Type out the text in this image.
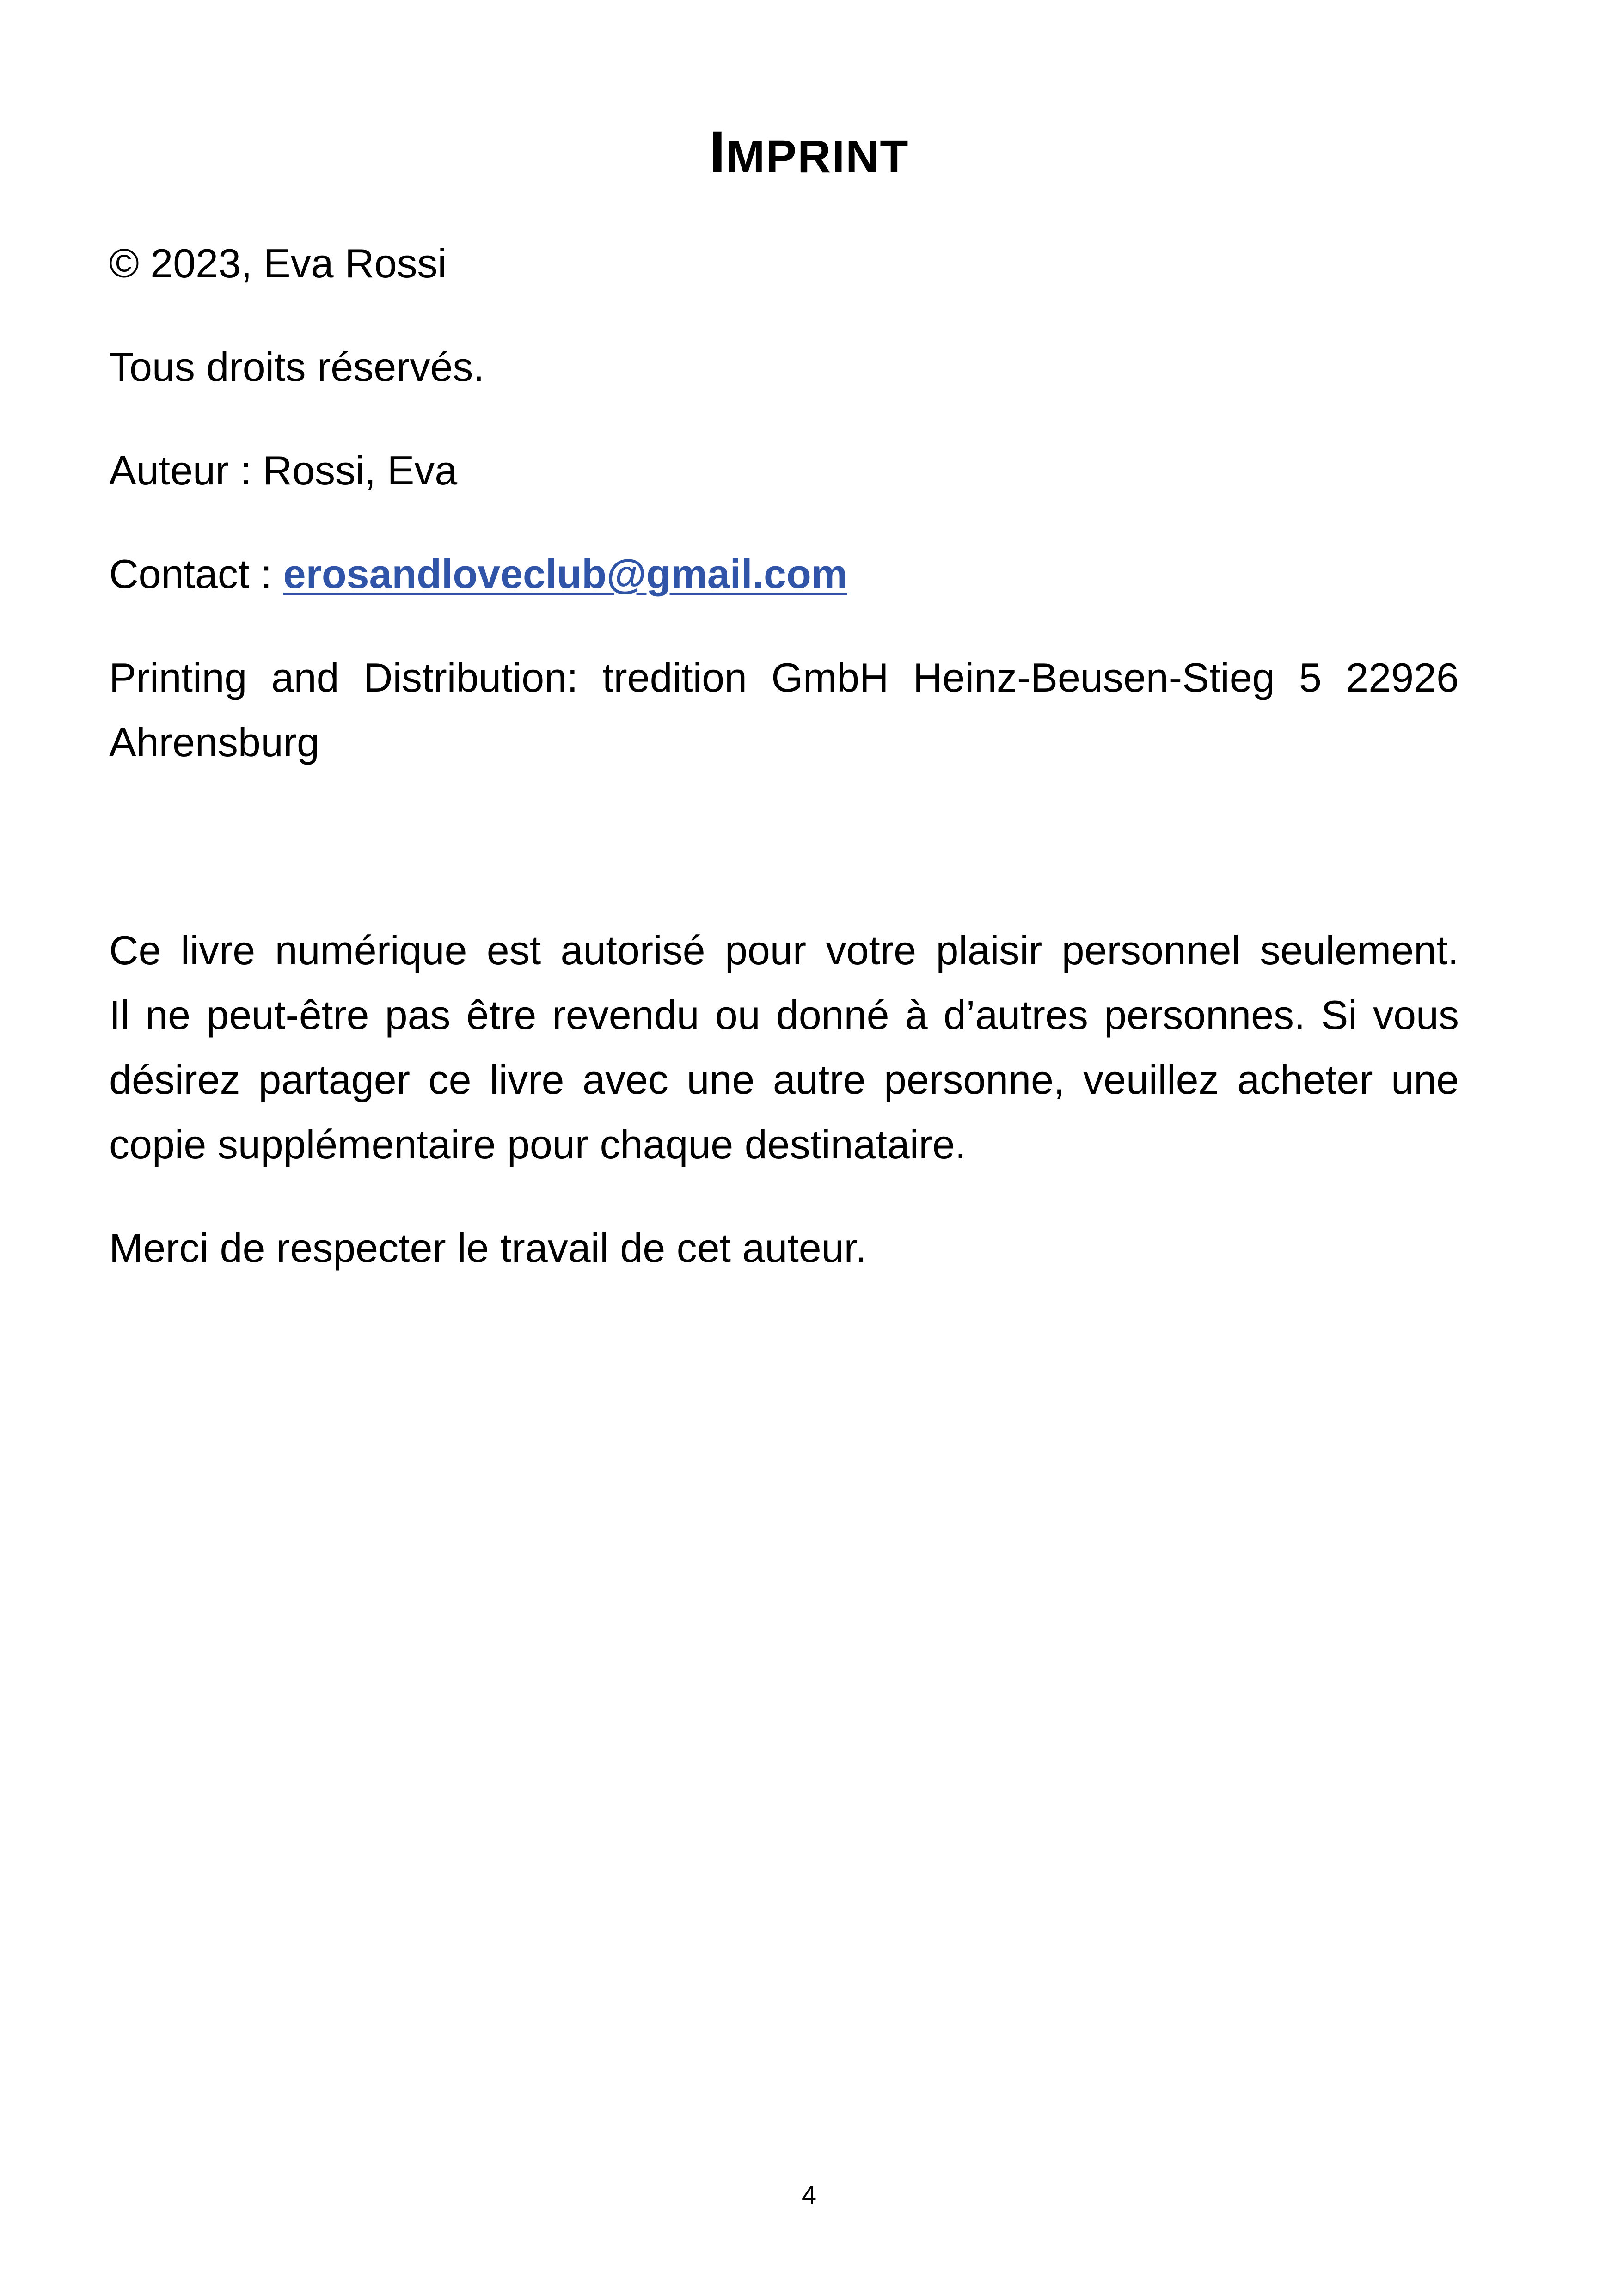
IMPRINT
© 2023, Eva Rossi
Tous droits réservés.
Auteur : Rossi, Eva
Contact : erosandloveclub@gmail.com
Printing and Distribution: tredition GmbH Heinz-Beusen-Stieg 5 22926
Ahrensburg
Ce livre numérique est autorisé pour votre plaisir personnel seulement.
Il ne peut-être pas être revendu ou donné à d’autres personnes. Si vous
désirez partager ce livre avec une autre personne, veuillez acheter une
copie supplémentaire pour chaque destinataire.
Merci de respecter le travail de cet auteur.
4
